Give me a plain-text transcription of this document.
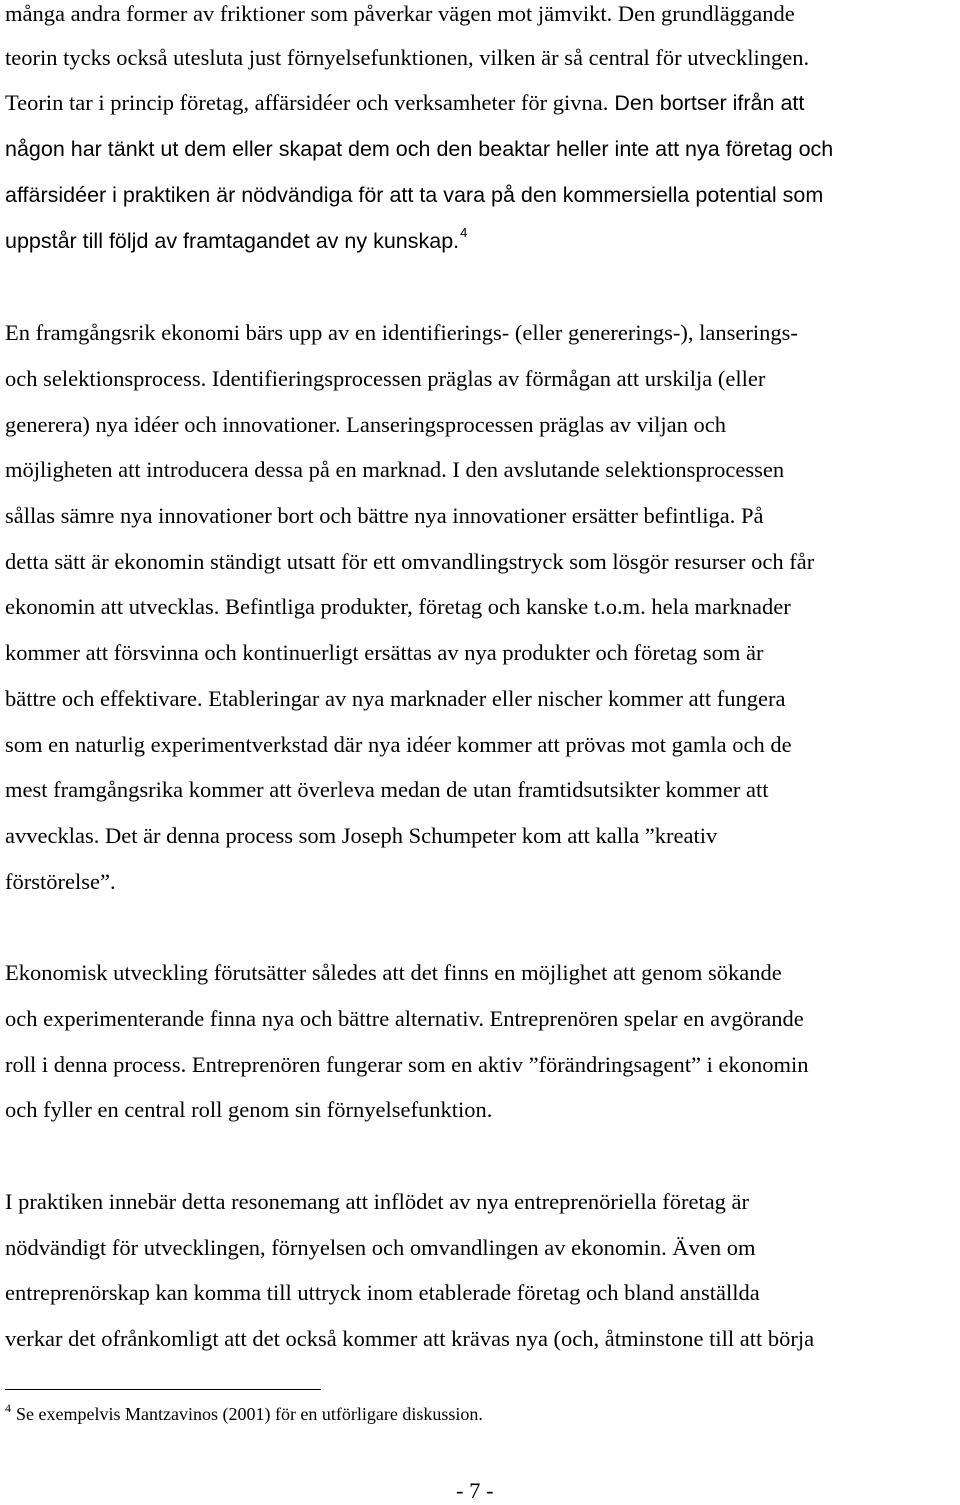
många andra former av friktioner som påverkar vägen mot jämvikt. Den grundläggande
teorin tycks också utesluta just förnyelsefunktionen, vilken är så central för utvecklingen.
Teorin tar i princip företag, affärsidéer och verksamheter för givna. Den bortser ifrån att
någon har tänkt ut dem eller skapat dem och den beaktar heller inte att nya företag och
affärsidéer i praktiken är nödvändiga för att ta vara på den kommersiella potential som
uppstår till följd av framtagandet av ny kunskap.$^4$
En framgångsrik ekonomi bärs upp av en identifierings- (eller genererings-), lanserings-
och selektionsprocess. Identifieringsprocessen präglas av förmågan att urskilja (eller
generera) nya idéer och innovationer. Lanseringsprocessen präglas av viljan och
möjligheten att introducera dessa på en marknad. I den avslutande selektionsprocessen
sållas sämre nya innovationer bort och bättre nya innovationer ersätter befintliga. På
detta sätt är ekonomin ständigt utsatt för ett omvandlingstryck som lösgör resurser och får
ekonomin att utvecklas. Befintliga produkter, företag och kanske t.o.m. hela marknader
kommer att försvinna och kontinuerligt ersättas av nya produkter och företag som är
bättre och effektivare. Etableringar av nya marknader eller nischer kommer att fungera
som en naturlig experimentverkstad där nya idéer kommer att prövas mot gamla och de
mest framgångsrika kommer att överleva medan de utan framtidsutsikter kommer att
avvecklas. Det är denna process som Joseph Schumpeter kom att kalla ”kreativ
förstörelse”.
Ekonomisk utveckling förutsätter således att det finns en möjlighet att genom sökande
och experimenterande finna nya och bättre alternativ. Entreprenören spelar en avgörande
roll i denna process. Entreprenören fungerar som en aktiv ”förändringsagent” i ekonomin
och fyller en central roll genom sin förnyelsefunktion.
I praktiken innebär detta resonemang att inflödet av nya entreprenöriella företag är
nödvändigt för utvecklingen, förnyelsen och omvandlingen av ekonomin. Även om
entreprenörskap kan komma till uttryck inom etablerade företag och bland anställda
verkar det ofrånkomligt att det också kommer att krävas nya (och, åtminstone till att börja
$^4$ Se exempelvis Mantzavinos (2001) för en utförligare diskussion.
- 7 -
